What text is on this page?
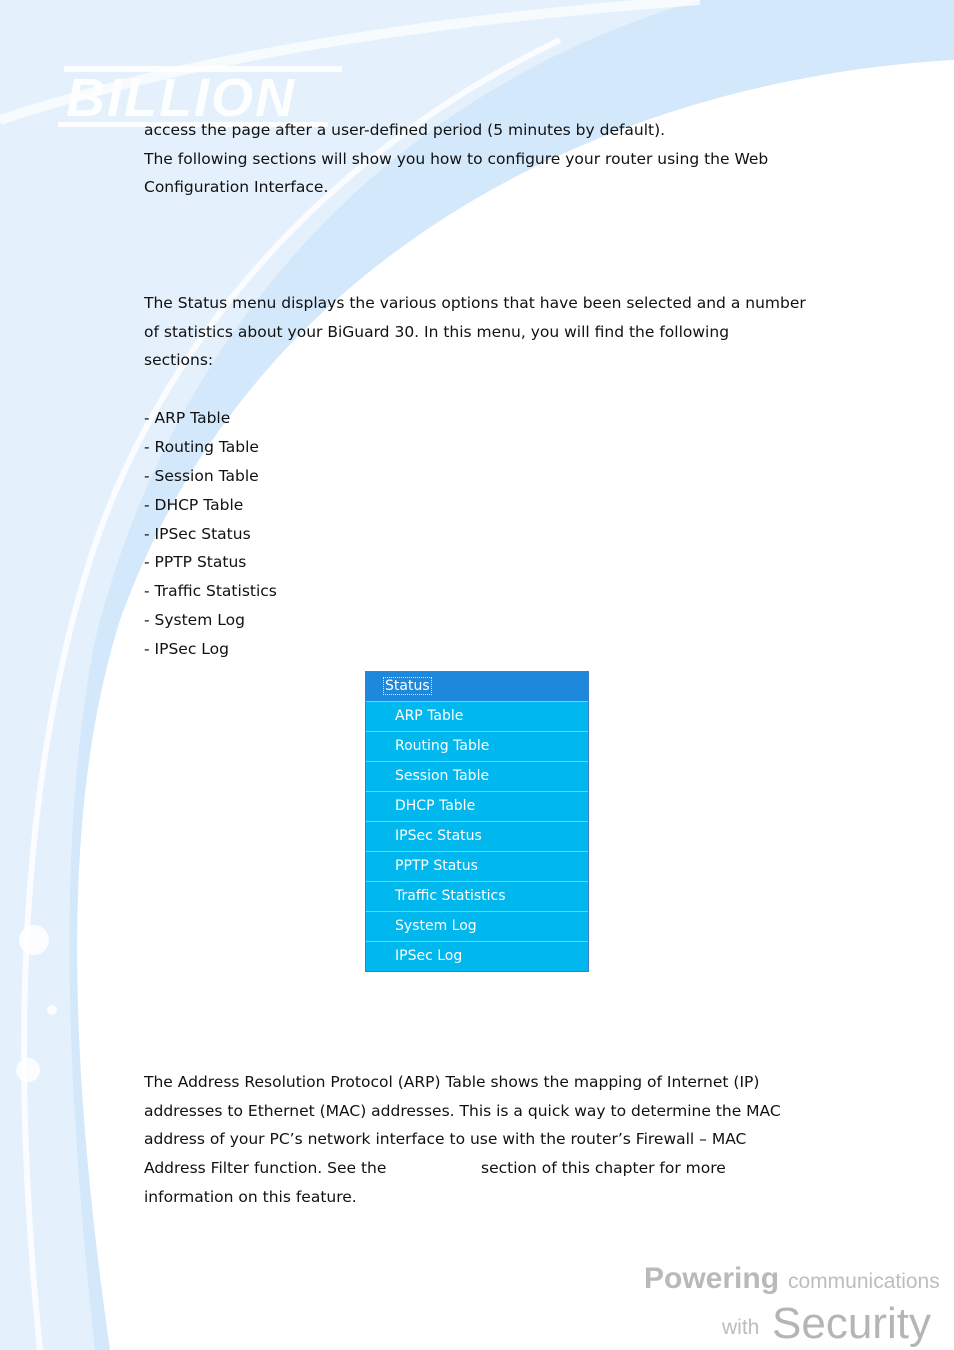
BILLION

access the page after a user-defined period (5 minutes by default).

The following sections will show you how to configure your router using the Web

Configuration Interface.

The Status menu displays the various options that have been selected and a number

of statistics about your BiGuard 30. In this menu, you will find the following

sections:

- ARP Table

- Routing Table

- Session Table

- DHCP Table

- IPSec Status

- PPTP Status

- Traffic Statistics

- System Log

- IPSec Log

The Address Resolution Protocol (ARP) Table shows the mapping of Internet (IP)

addresses to Ethernet (MAC) addresses. This is a quick way to determine the MAC

address of your PC’s network interface to use with the router’s Firewall – MAC

Address Filter function. See the	section of this chapter for more

information on this feature.

Status
ARP Table
Routing Table
Session Table
DHCP Table
IPSec Status
PPTP Status
Traffic Statistics
System Log
IPSec Log
Powering communications
with Security
